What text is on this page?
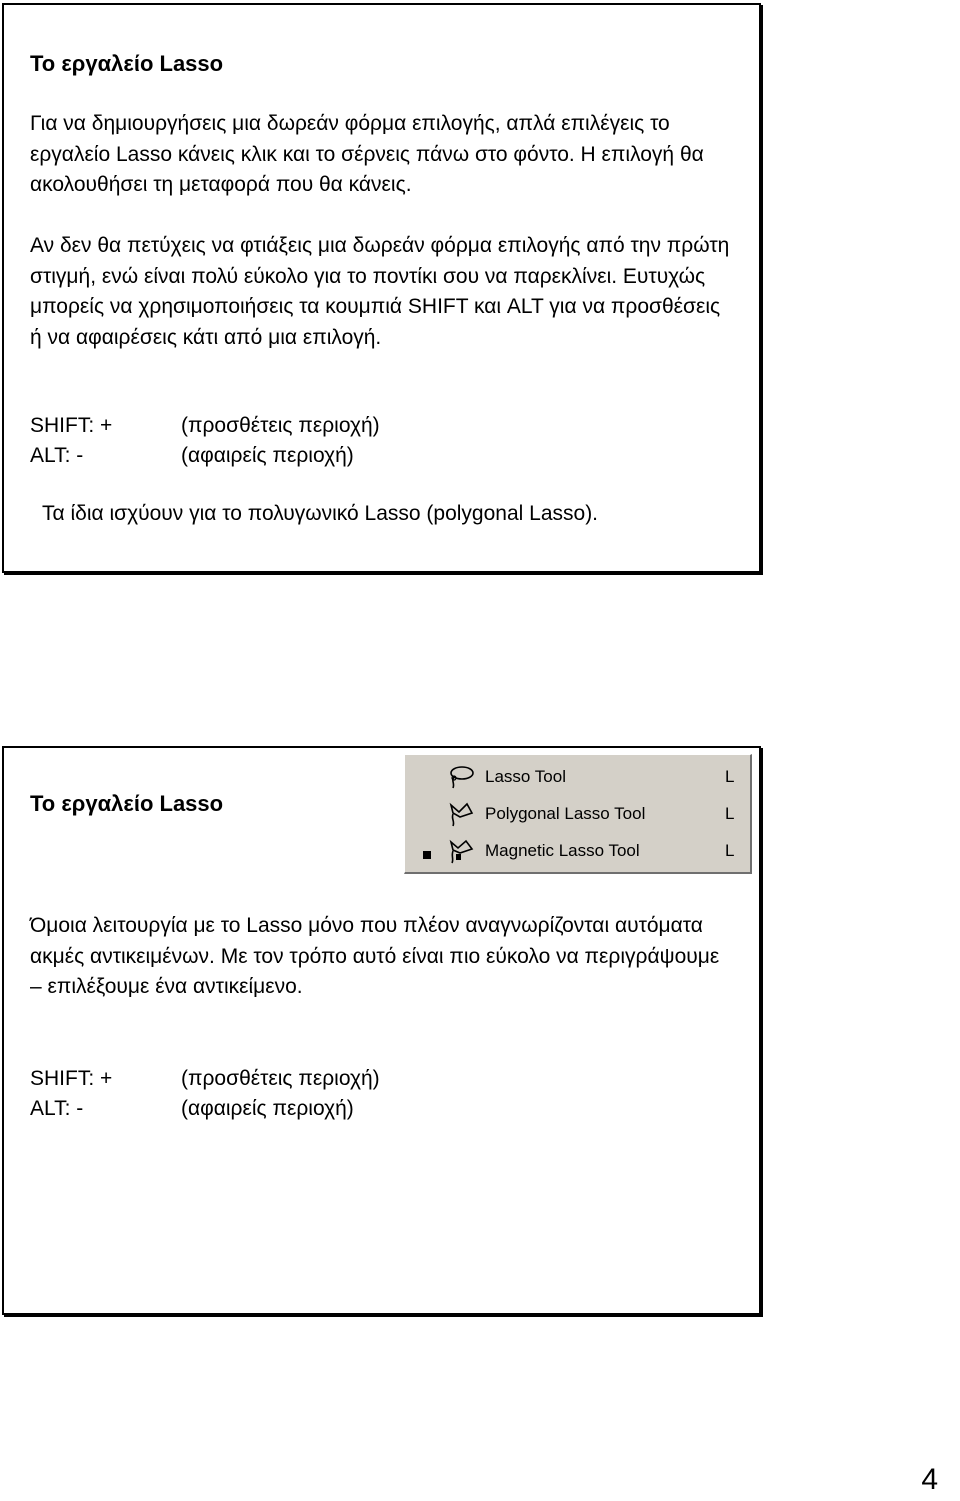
Το εργαλείο Lasso

Για να δημιουργήσεις μια δωρεάν φόρμα επιλογής, απλά επιλέγεις το εργαλείο Lasso κάνεις κλικ και το σέρνεις πάνω στο φόντο. Η επιλογή θα ακολουθήσει τη μεταφορά που θα κάνεις.

Αν δεν θα πετύχεις να φτιάξεις μια δωρεάν φόρμα επιλογής από την πρώτη στιγμή, ενώ είναι πολύ εύκολο για το ποντίκι σου να παρεκλίνει. Ευτυχώς μπορείς να χρησιμοποιήσεις τα κουμπιά SHIFT και ALT για να προσθέσεις ή να αφαιρέσεις κάτι από μια επιλογή.

SHIFT: +	(προσθέτεις περιοχή)
ALT: -	(αφαιρείς περιοχή)
Τα ίδια ισχύουν για το πολυγωνικό Lasso (polygonal Lasso).
Το εργαλείο Lasso
Lasso Tool	L
Polygonal Lasso Tool	L
Magnetic Lasso Tool	L

Όμοια λειτουργία με το Lasso μόνο που πλέον αναγνωρίζονται αυτόματα ακμές αντικειμένων. Με τον τρόπο αυτό είναι πιο εύκολο να περιγράψουμε – επιλέξουμε ένα αντικείμενο.

SHIFT: +	(προσθέτεις περιοχή)
ALT: -	(αφαιρείς περιοχή)
4
